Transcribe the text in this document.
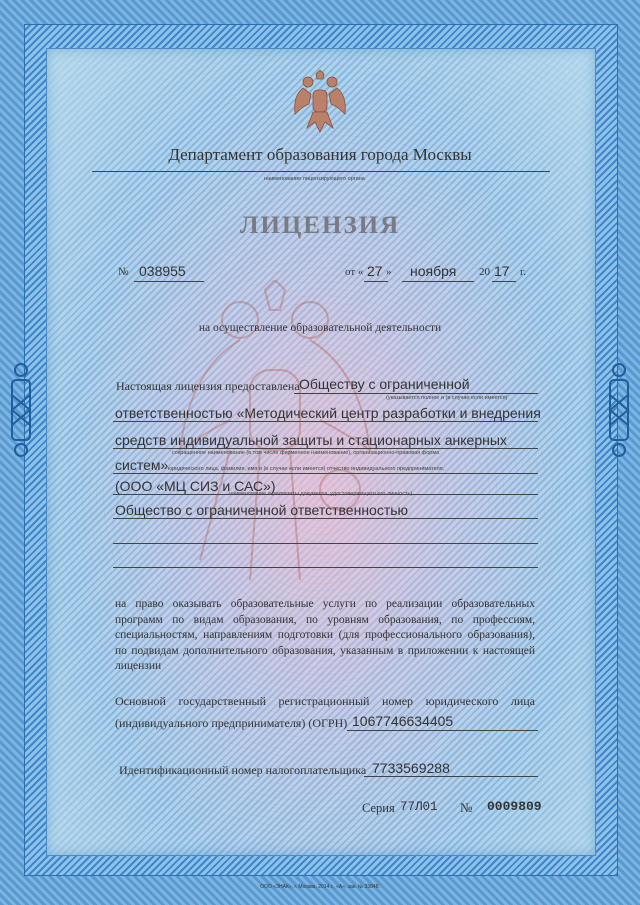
Департамент образования города Москвы
наименование лицензирующего органа
ЛИЦЕНЗИЯ
№ 038955	от « 27 » ноября 20 17 г.
на осуществление образовательной деятельности
Настоящая лицензия предоставлена Обществу с ограниченной
(указывается полное и (в случае если имеется)
ответственностью «Методический центр разработки и внедрения
средств индивидуальной защиты и стационарных анкерных
сокращенное наименование (в том числе фирменное наименование), организационно-правовая форма
систем» юридического лица, фамилия, имя и (в случае если имеется) отчество индивидуального предпринимателя,
(ООО «МЦ СИЗ и САС»)
наименование и реквизиты документа, удостоверяющего его личность)
Общество с ограниченной ответственностью
на право оказывать образовательные услуги по реализации образовательных программ по видам образования, по уровням образования, по профессиям, специальностям, направлениям подготовки (для профессионального образования), по подвидам дополнительного образования, указанным в приложении к настоящей лицензии
Основной государственный регистрационный номер юридического лица
(индивидуального предпринимателя) (ОГРН) 1067746634405
Идентификационный номер налогоплательщика 7733569288
Серия 77Л01 № 0009809
ООО «ЗНАК», г. Москва, 2014 г., «А», зак. № 33848.
